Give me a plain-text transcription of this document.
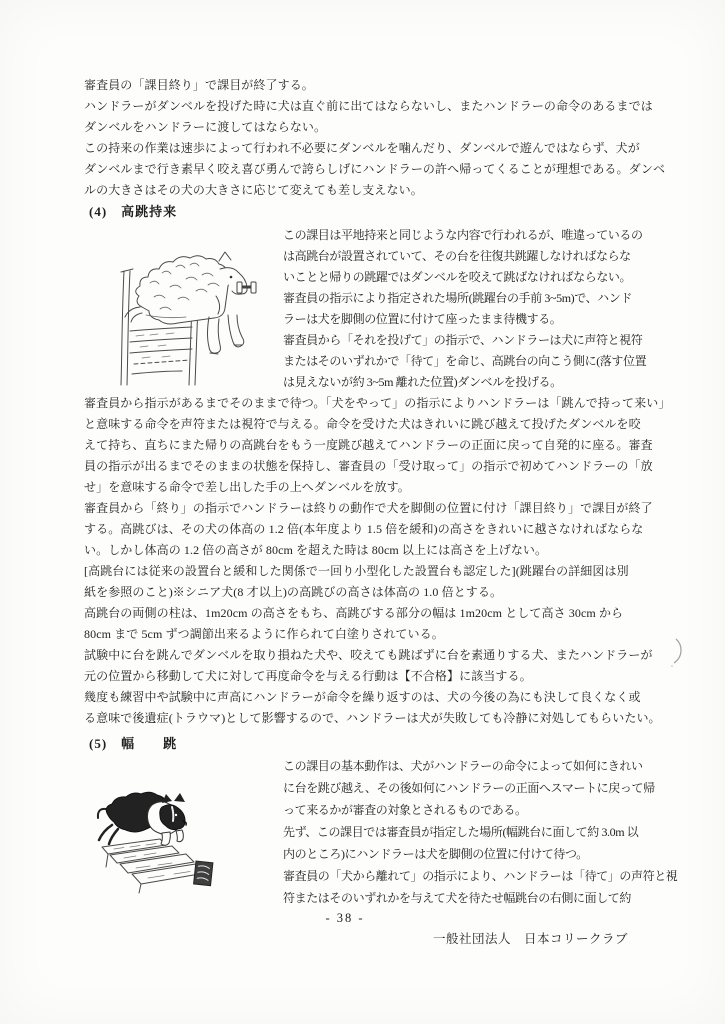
審査員の「課目終り」で課目が終了する。
ハンドラーがダンベルを投げた時に犬は直ぐ前に出てはならないし、またハンドラーの命令のあるまでは
ダンベルをハンドラーに渡してはならない。
この持来の作業は速歩によって行われ不必要にダンベルを噛んだり、ダンベルで遊んではならず、犬が
ダンベルまで行き素早く咬え喜び勇んで誇らしげにハンドラーの許へ帰ってくることが理想である。ダンベ
ルの大きさはその犬の大きさに応じて変えても差し支えない。
(4)　高跳持来
この課目は平地持来と同じような内容で行われるが、唯違っているの
は高跳台が設置されていて、その台を往復共跳躍しなければならな
いことと帰りの跳躍ではダンベルを咬えて跳ばなければならない。
審査員の指示により指定された場所(跳躍台の手前 3~5m)で、ハンド
ラーは犬を脚側の位置に付けて座ったまま待機する。
審査員から「それを投げて」の指示で、ハンドラーは犬に声符と視符
またはそのいずれかで「待て」を命じ、高跳台の向こう側に(落す位置
は見えないが約 3~5m 離れた位置)ダンベルを投げる。
審査員から指示があるまでそのままで待つ。「犬をやって」の指示によりハンドラーは「跳んで持って来い」
と意味する命令を声符または視符で与える。命令を受けた犬はきれいに跳び越えて投げたダンベルを咬
えて持ち、直ちにまた帰りの高跳台をもう一度跳び越えてハンドラーの正面に戻って自発的に座る。審査
員の指示が出るまでそのままの状態を保持し、審査員の「受け取って」の指示で初めてハンドラーの「放
せ」を意味する命令で差し出した手の上へダンベルを放す。
審査員から「終り」の指示でハンドラーは終りの動作で犬を脚側の位置に付け「課目終り」で課目が終了
する。高跳びは、その犬の体高の 1.2 倍(本年度より 1.5 倍を緩和)の高さをきれいに越さなければならな
い。しかし体高の 1.2 倍の高さが 80cm を超えた時は 80cm 以上には高さを上げない。
[高跳台には従来の設置台と緩和した関係で一回り小型化した設置台も認定した](跳躍台の詳細図は別
紙を参照のこと)※シニア犬(8 才以上)の高跳びの高さは体高の 1.0 倍とする。
高跳台の両側の柱は、1m20cm の高さをもち、高跳びする部分の幅は 1m20cm として高さ 30cm から
80cm まで 5cm ずつ調節出来るように作られて白塗りされている。
試験中に台を跳んでダンベルを取り損ねた犬や、咬えても跳ばずに台を素通りする犬、またハンドラーが
元の位置から移動して犬に対して再度命令を与える行動は【不合格】に該当する。
幾度も練習中や試験中に声高にハンドラーが命令を繰り返すのは、犬の今後の為にも決して良くなく或
る意味で後遺症(トラウマ)として影響するので、ハンドラーは犬が失敗しても冷静に対処してもらいたい。
(5)　幅　　跳
この課目の基本動作は、犬がハンドラーの命令によって如何にきれい
に台を跳び越え、その後如何にハンドラーの正面へスマートに戻って帰
って来るかが審査の対象とされるものである。
先ず、この課目では審査員が指定した場所(幅跳台に面して約 3.0m 以
内のところ)にハンドラーは犬を脚側の位置に付けて待つ。
審査員の「犬から離れて」の指示により、ハンドラーは「待て」の声符と視
符またはそのいずれかを与えて犬を待たせ幅跳台の右側に面して約
- 38 -
一般社団法人　日本コリークラブ
